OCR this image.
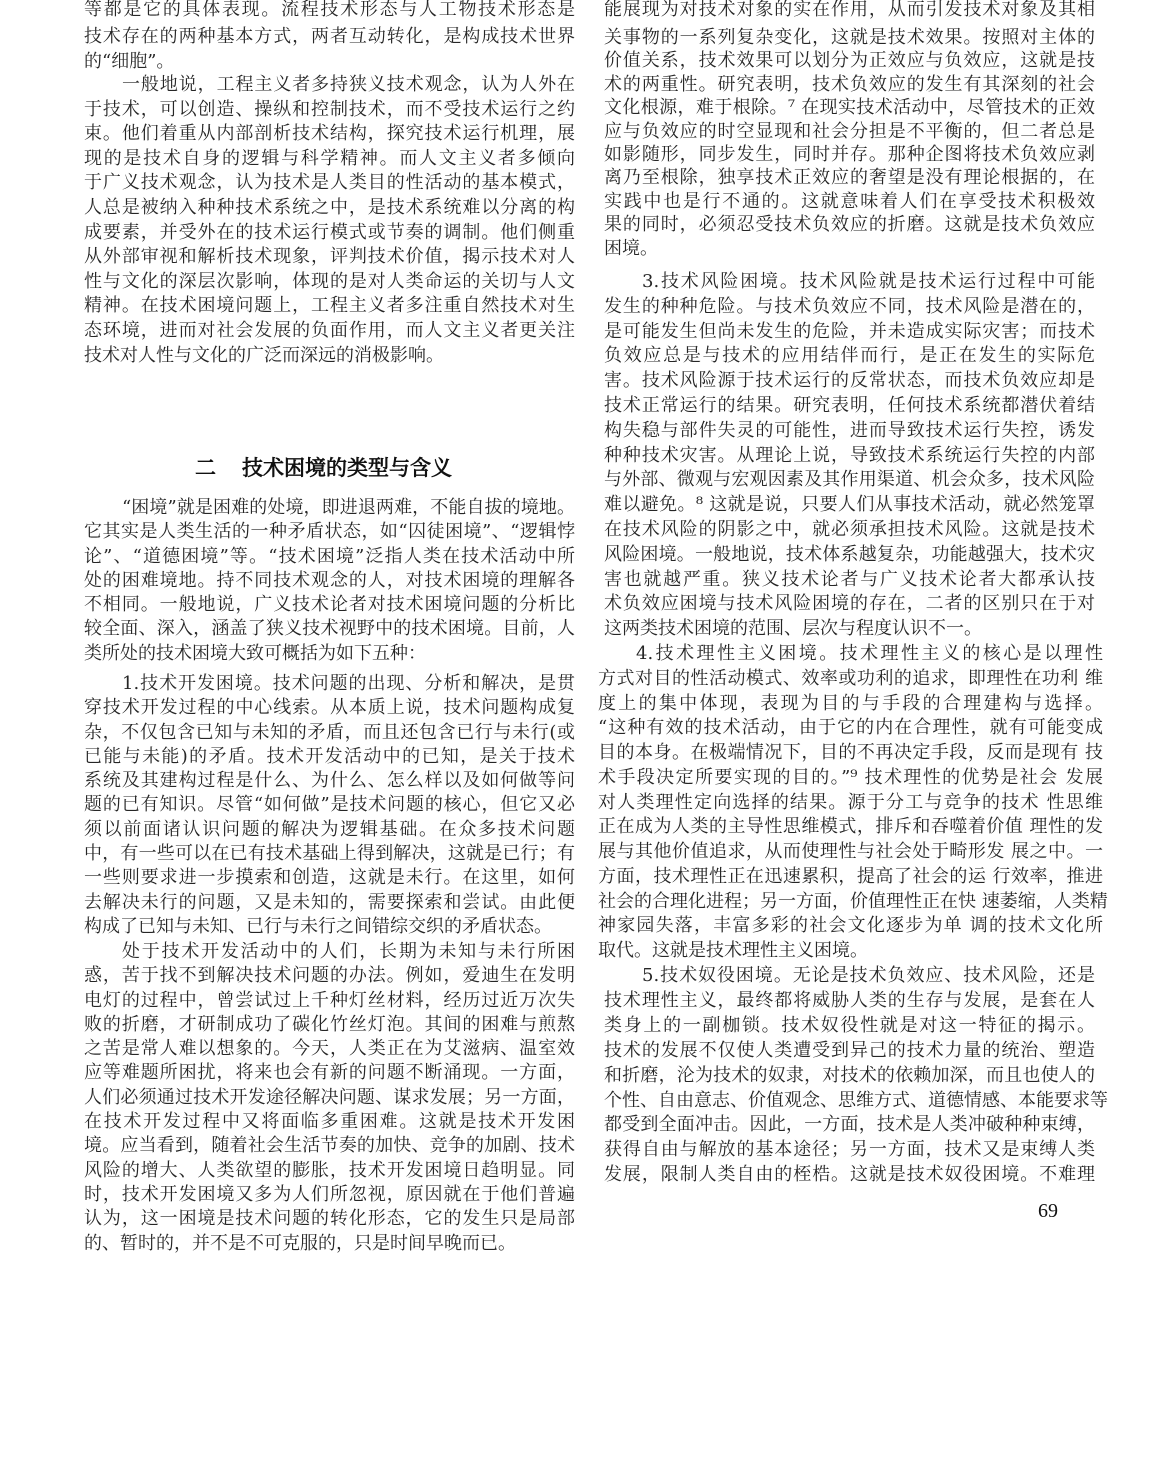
等都是它的具体表现。流程技术形态与人工物技术形态是
技术存在的两种基本方式，两者互动转化，是构成技术世界
的“细胞”。
一般地说，工程主义者多持狭义技术观念，认为人外在
于技术，可以创造、操纵和控制技术，而不受技术运行之约
束。他们着重从内部剖析技术结构，探究技术运行机理，展
现的是技术自身的逻辑与科学精神。而人文主义者多倾向
于广义技术观念，认为技术是人类目的性活动的基本模式，
人总是被纳入种种技术系统之中，是技术系统难以分离的构
成要素，并受外在的技术运行模式或节奏的调制。他们侧重
从外部审视和解析技术现象，评判技术价值，揭示技术对人
性与文化的深层次影响，体现的是对人类命运的关切与人文
精神。在技术困境问题上，工程主义者多注重自然技术对生
态环境，进而对社会发展的负面作用，而人文主义者更关注
技术对人性与文化的广泛而深远的消极影响。
二 技术困境的类型与含义
“困境”就是困难的处境，即进退两难，不能自拔的境地。
它其实是人类生活的一种矛盾状态，如“囚徒困境”、“逻辑悖
论”、“道德困境”等。“技术困境”泛指人类在技术活动中所
处的困难境地。持不同技术观念的人，对技术困境的理解各
不相同。一般地说，广义技术论者对技术困境问题的分析比
较全面、深入，涵盖了狭义技术视野中的技术困境。目前，人
类所处的技术困境大致可概括为如下五种：
1.技术开发困境。技术问题的出现、分析和解决，是贯
穿技术开发过程的中心线索。从本质上说，技术问题构成复
杂，不仅包含已知与未知的矛盾，而且还包含已行与未行(或
已能与未能)的矛盾。技术开发活动中的已知，是关于技术
系统及其建构过程是什么、为什么、怎么样以及如何做等问
题的已有知识。尽管“如何做”是技术问题的核心，但它又必
须以前面诸认识问题的解决为逻辑基础。在众多技术问题
中，有一些可以在已有技术基础上得到解决，这就是已行；有
一些则要求进一步摸索和创造，这就是未行。在这里，如何
去解决未行的问题，又是未知的，需要探索和尝试。由此便
构成了已知与未知、已行与未行之间错综交织的矛盾状态。
处于技术开发活动中的人们，长期为未知与未行所困
惑，苦于找不到解决技术问题的办法。例如，爱迪生在发明
电灯的过程中，曾尝试过上千种灯丝材料，经历过近万次失
败的折磨，才研制成功了碳化竹丝灯泡。其间的困难与煎熬
之苦是常人难以想象的。今天，人类正在为艾滋病、温室效
应等难题所困扰，将来也会有新的问题不断涌现。一方面，
人们必须通过技术开发途径解决问题、谋求发展；另一方面，
在技术开发过程中又将面临多重困难。这就是技术开发困
境。应当看到，随着社会生活节奏的加快、竞争的加剧、技术
风险的增大、人类欲望的膨胀，技术开发困境日趋明显。同
时，技术开发困境又多为人们所忽视，原因就在于他们普遍
认为，这一困境是技术问题的转化形态，它的发生只是局部
的、暂时的，并不是不可克服的，只是时间早晚而已。
能展现为对技术对象的实在作用，从而引发技术对象及其相
关事物的一系列复杂变化，这就是技术效果。按照对主体的
价值关系，技术效果可以划分为正效应与负效应，这就是技
术的两重性。研究表明，技术负效应的发生有其深刻的社会
文化根源，难于根除。⁷ 在现实技术活动中，尽管技术的正效
应与负效应的时空显现和社会分担是不平衡的，但二者总是
如影随形，同步发生，同时并存。那种企图将技术负效应剥
离乃至根除，独享技术正效应的奢望是没有理论根据的，在
实践中也是行不通的。这就意味着人们在享受技术积极效
果的同时，必须忍受技术负效应的折磨。这就是技术负效应
困境。
3.技术风险困境。技术风险就是技术运行过程中可能
发生的种种危险。与技术负效应不同，技术风险是潜在的，
是可能发生但尚未发生的危险，并未造成实际灾害；而技术
负效应总是与技术的应用结伴而行，是正在发生的实际危
害。技术风险源于技术运行的反常状态，而技术负效应却是
技术正常运行的结果。研究表明，任何技术系统都潜伏着结
构失稳与部件失灵的可能性，进而导致技术运行失控，诱发
种种技术灾害。从理论上说，导致技术系统运行失控的内部
与外部、微观与宏观因素及其作用渠道、机会众多，技术风险
难以避免。⁸ 这就是说，只要人们从事技术活动，就必然笼罩
在技术风险的阴影之中，就必须承担技术风险。这就是技术
风险困境。一般地说，技术体系越复杂，功能越强大，技术灾
害也就越严重。狭义技术论者与广义技术论者大都承认技
术负效应困境与技术风险困境的存在，二者的区别只在于对
这两类技术困境的范围、层次与程度认识不一。
4.技术理性主义困境。技术理性主义的核心是以理性
方式对目的性活动模式、效率或功利的追求，即理性在功利 维
度上的集中体现，表现为目的与手段的合理建构与选择。
“这种有效的技术活动，由于它的内在合理性，就有可能变成
目的本身。在极端情况下，目的不再决定手段，反而是现有 技
术手段决定所要实现的目的。”⁹ 技术理性的优势是社会 发展
对人类理性定向选择的结果。源于分工与竞争的技术 性思维
正在成为人类的主导性思维模式，排斥和吞噬着价值 理性的发
展与其他价值追求，从而使理性与社会处于畸形发 展之中。一
方面，技术理性正在迅速累积，提高了社会的运 行效率，推进
社会的合理化进程；另一方面，价值理性正在快 速萎缩，人类精
神家园失落，丰富多彩的社会文化逐步为单 调的技术文化所
取代。这就是技术理性主义困境。
5.技术奴役困境。无论是技术负效应、技术风险，还是
技术理性主义，最终都将威胁人类的生存与发展，是套在人
类身上的一副枷锁。技术奴役性就是对这一特征的揭示。
技术的发展不仅使人类遭受到异己的技术力量的统治、塑造
和折磨，沦为技术的奴隶，对技术的依赖加深，而且也使人的
个性、自由意志、价值观念、思维方式、道德情感、本能要求等
都受到全面冲击。因此，一方面，技术是人类冲破种种束缚，
获得自由与解放的基本途径；另一方面，技术又是束缚人类
发展，限制人类自由的桎梏。这就是技术奴役困境。不难理
69
